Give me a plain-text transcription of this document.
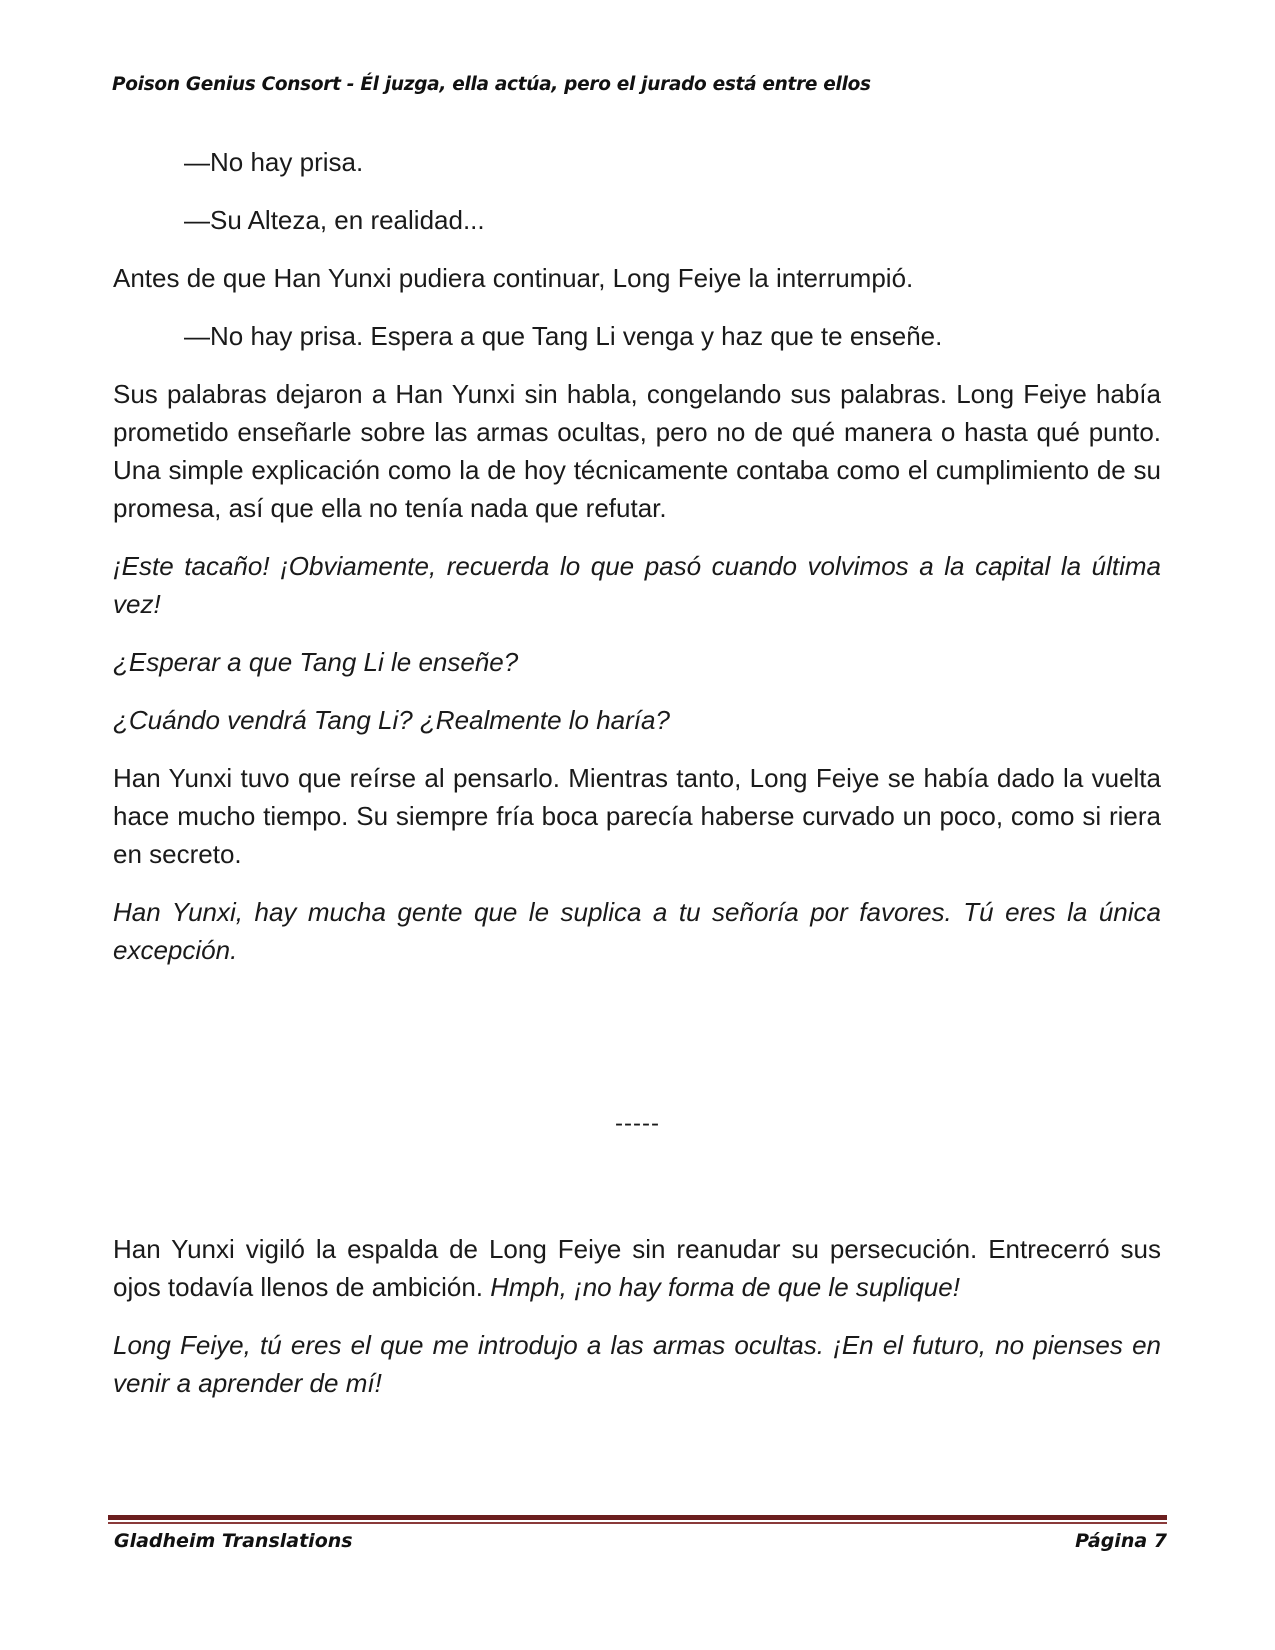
Poison Genius Consort - Él juzga, ella actúa, pero el jurado está entre ellos

—No hay prisa.

—Su Alteza, en realidad...

Antes de que Han Yunxi pudiera continuar, Long Feiye la interrumpió.

—No hay prisa. Espera a que Tang Li venga y haz que te enseñe.

Sus palabras dejaron a Han Yunxi sin habla, congelando sus palabras. Long Feiye había prometido enseñarle sobre las armas ocultas, pero no de qué manera o hasta qué punto. Una simple explicación como la de hoy técnicamente contaba como el cumplimiento de su promesa, así que ella no tenía nada que refutar.

¡Este tacaño! ¡Obviamente, recuerda lo que pasó cuando volvimos a la capital la última vez!

¿Esperar a que Tang Li le enseñe?

¿Cuándo vendrá Tang Li? ¿Realmente lo haría?

Han Yunxi tuvo que reírse al pensarlo. Mientras tanto, Long Feiye se había dado la vuelta hace mucho tiempo. Su siempre fría boca parecía haberse curvado un poco, como si riera en secreto.

Han Yunxi, hay mucha gente que le suplica a tu señoría por favores. Tú eres la única excepción.

-----

Han Yunxi vigiló la espalda de Long Feiye sin reanudar su persecución. Entrecerró sus ojos todavía llenos de ambición. Hmph, ¡no hay forma de que le suplique!

Long Feiye, tú eres el que me introdujo a las armas ocultas. ¡En el futuro, no pienses en venir a aprender de mí!

Gladheim Translations	Página 7
